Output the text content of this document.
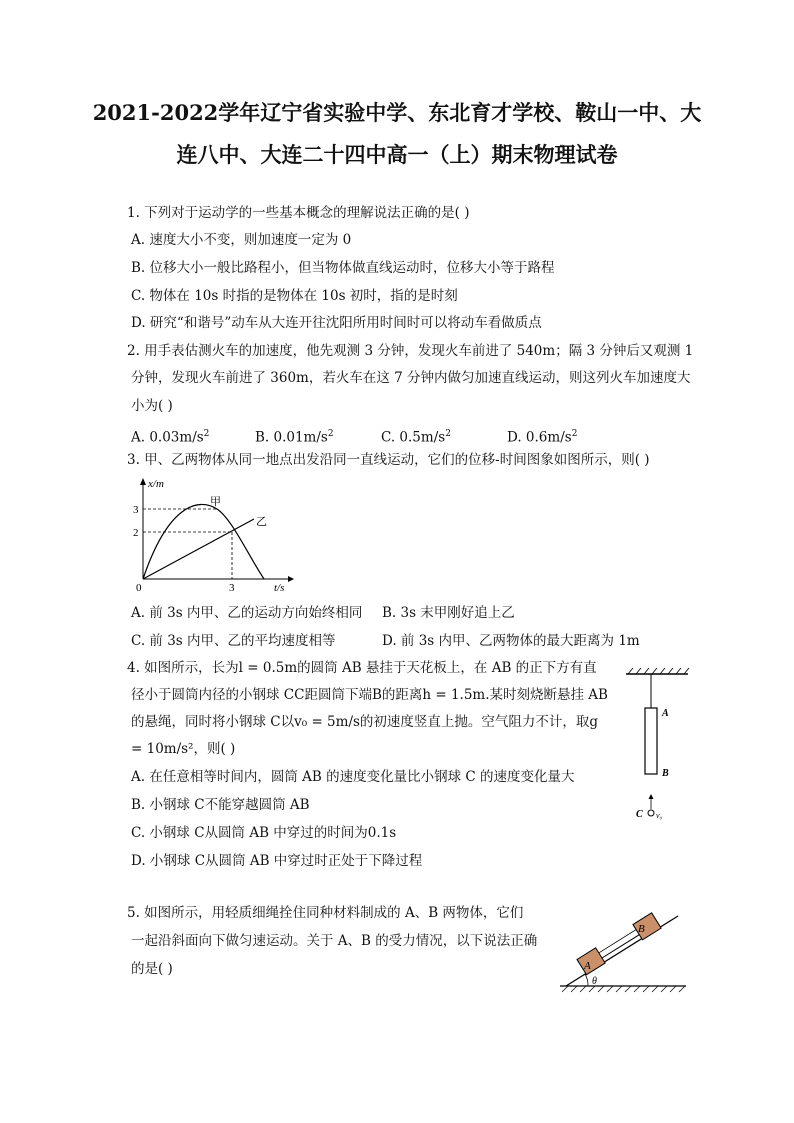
2021-2022学年辽宁省实验中学、东北育才学校、鞍山一中、大
连八中、大连二十四中高一（上）期末物理试卷
1. 下列对于运动学的一些基本概念的理解说法正确的是( )
A. 速度大小不变，则加速度一定为 0
B. 位移大小一般比路程小，但当物体做直线运动时，位移大小等于路程
C. 物体在 10s 时指的是物体在 10s 初时，指的是时刻
D. 研究“和谐号”动车从大连开往沈阳所用时间时可以将动车看做质点
2. 用手表估测火车的加速度，他先观测 3 分钟，发现火车前进了 540m；隔 3 分钟后又观测 1
分钟，发现火车前进了 360m，若火车在这 7 分钟内做匀加速直线运动，则这列火车加速度大
小为( )
A. $0.03m/s^2$	B. $0.01m/s^2$	C. $0.5m/s^2$	D. $0.6m/s^2$
3. 甲、乙两物体从同一地点出发沿同一直线运动，它们的位移-时间图象如图所示，则( )
x/m
t/s
0
3
2
3
甲
乙
A. 前 3s 内甲、乙的运动方向始终相同 B. 3s 末甲刚好追上乙
C. 前 3s 内甲、乙的平均速度相等	D. 前 3s 内甲、乙两物体的最大距离为 1m
4. 如图所示，长为l = 0.5m的圆筒 AB 悬挂于天花板上，在 AB 的正下方有直
径小于圆筒内径的小钢球 CC距圆筒下端B的距离h = 1.5m.某时刻烧断悬挂 AB
的悬绳，同时将小钢球 C以v₀ = 5m/s的初速度竖直上抛。空气阻力不计，取g
= 10m/s²，则( )
A. 在任意相等时间内，圆筒 AB 的速度变化量比小钢球 C 的速度变化量大
B. 小钢球 C不能穿越圆筒 AB
C. 小钢球 C从圆筒 AB 中穿过的时间为0.1s
D. 小钢球 C从圆筒 AB 中穿过时正处于下降过程
A
B
C v₀
5. 如图所示，用轻质细绳拴住同种材料制成的 A、B 两物体，它们
一起沿斜面向下做匀速运动。关于 A、B 的受力情况，以下说法正确
的是( )
θ
A
B
